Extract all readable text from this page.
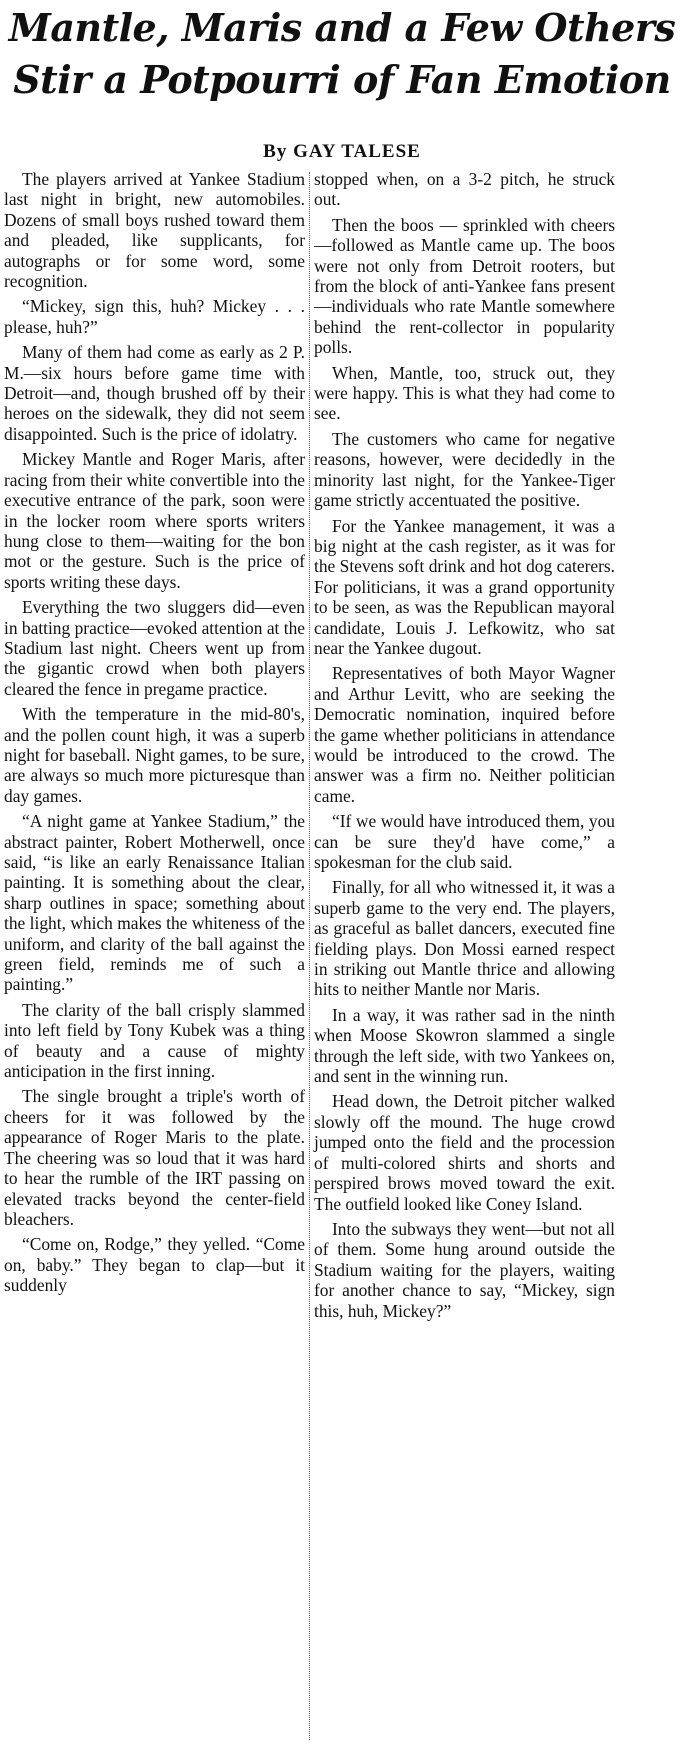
Mantle, Maris and a Few Others
Stir a Potpourri of Fan Emotion
By GAY TALESE

The players arrived at Yankee Stadium last night in bright, new automobiles. Dozens of small boys rushed toward them and pleaded, like supplicants, for autographs or for some word, some recognition.

“Mickey, sign this, huh? Mickey . . . please, huh?”

Many of them had come as early as 2 P. M.—six hours before game time with Detroit—and, though brushed off by their heroes on the sidewalk, they did not seem disappointed. Such is the price of idolatry.

Mickey Mantle and Roger Maris, after racing from their white convertible into the executive entrance of the park, soon were in the locker room where sports writers hung close to them—waiting for the bon mot or the gesture. Such is the price of sports writing these days.

Everything the two sluggers did—even in batting practice—evoked attention at the Stadium last night. Cheers went up from the gigantic crowd when both players cleared the fence in pregame practice.

With the temperature in the mid-80's, and the pollen count high, it was a superb night for baseball. Night games, to be sure, are always so much more picturesque than day games.

“A night game at Yankee Stadium,” the abstract painter, Robert Motherwell, once said, “is like an early Renaissance Italian painting. It is something about the clear, sharp outlines in space; something about the light, which makes the whiteness of the uniform, and clarity of the ball against the green field, reminds me of such a painting.”

The clarity of the ball crisply slammed into left field by Tony Kubek was a thing of beauty and a cause of mighty anticipation in the first inning.

The single brought a triple's worth of cheers for it was followed by the appearance of Roger Maris to the plate. The cheering was so loud that it was hard to hear the rumble of the IRT passing on elevated tracks beyond the center-field bleachers.

“Come on, Rodge,” they yelled. “Come on, baby.” They began to clap—but it suddenly

stopped when, on a 3-2 pitch, he struck out.

Then the boos — sprinkled with cheers—followed as Mantle came up. The boos were not only from Detroit rooters, but from the block of anti-Yankee fans present—individuals who rate Mantle somewhere behind the rent-collector in popularity polls.

When, Mantle, too, struck out, they were happy. This is what they had come to see.

The customers who came for negative reasons, however, were decidedly in the minority last night, for the Yankee-Tiger game strictly accentuated the positive.

For the Yankee management, it was a big night at the cash register, as it was for the Stevens soft drink and hot dog caterers. For politicians, it was a grand opportunity to be seen, as was the Republican mayoral candidate, Louis J. Lefkowitz, who sat near the Yankee dugout.

Representatives of both Mayor Wagner and Arthur Levitt, who are seeking the Democratic nomination, inquired before the game whether politicians in attendance would be introduced to the crowd. The answer was a firm no. Neither politician came.

“If we would have introduced them, you can be sure they'd have come,” a spokesman for the club said.

Finally, for all who witnessed it, it was a superb game to the very end. The players, as graceful as ballet dancers, executed fine fielding plays. Don Mossi earned respect in striking out Mantle thrice and allowing hits to neither Mantle nor Maris.

In a way, it was rather sad in the ninth when Moose Skowron slammed a single through the left side, with two Yankees on, and sent in the winning run.

Head down, the Detroit pitcher walked slowly off the mound. The huge crowd jumped onto the field and the procession of multi-colored shirts and shorts and perspired brows moved toward the exit. The outfield looked like Coney Island.

Into the subways they went—but not all of them. Some hung around outside the Stadium waiting for the players, waiting for another chance to say, “Mickey, sign this, huh, Mickey?”
